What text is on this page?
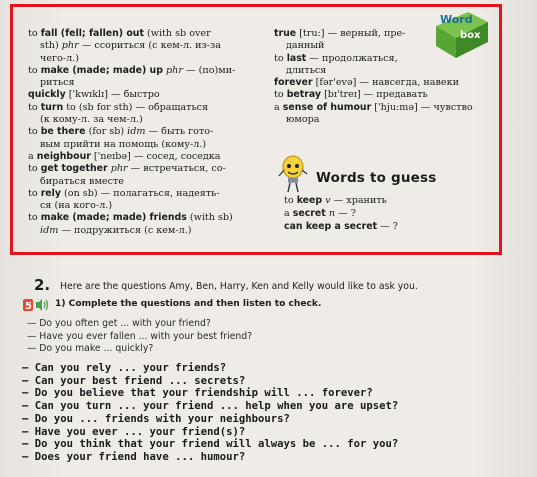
Word
box
to fall (fell; fallen) out (with sb over
sth) phr — ссориться (с кем-л. из-за
чего-л.)
to make (made; made) up phr — (по)ми-
риться
quickly ['kwɪklɪ] — быстро
to turn to (sb for sth) — обращаться
(к кому-л. за чем-л.)
to be there (for sb) idm — быть гото-
вым прийти на помощь (кому-л.)
a neighbour ['neɪbə] — сосед, соседка
to get together phr — встречаться, со-
бираться вместе
to rely (on sb) — полагаться, надеять-
ся (на кого-л.)
to make (made; made) friends (with sb)
idm — подружиться (с кем-л.)
true [tru:] — верный, пре-
данный
to last — продолжаться,
длиться
forever [fər'evə] — навсегда, навеки
to betray [bɪ'treɪ] — предавать
a sense of humour ['hju:mə] — чувство
юмора
Words to guess
to keep v — хранить
a secret n — ?
can keep a secret — ?
2. Here are the questions Amy, Ben, Harry, Ken and Kelly would like to ask you.
5	1) Complete the questions and then listen to check.
— Do you often get ... with your friend?
— Have you ever fallen ... with your best friend?
— Do you make ... quickly?
— Can you rely ... your friends?
— Can your best friend ... secrets?
— Do you believe that your friendship will ... forever?
— Can you turn ... your friend ... help when you are upset?
— Do you ... friends with your neighbours?
— Have you ever ... your friend(s)?
— Do you think that your friend will always be ... for you?
— Does your friend have ... humour?
